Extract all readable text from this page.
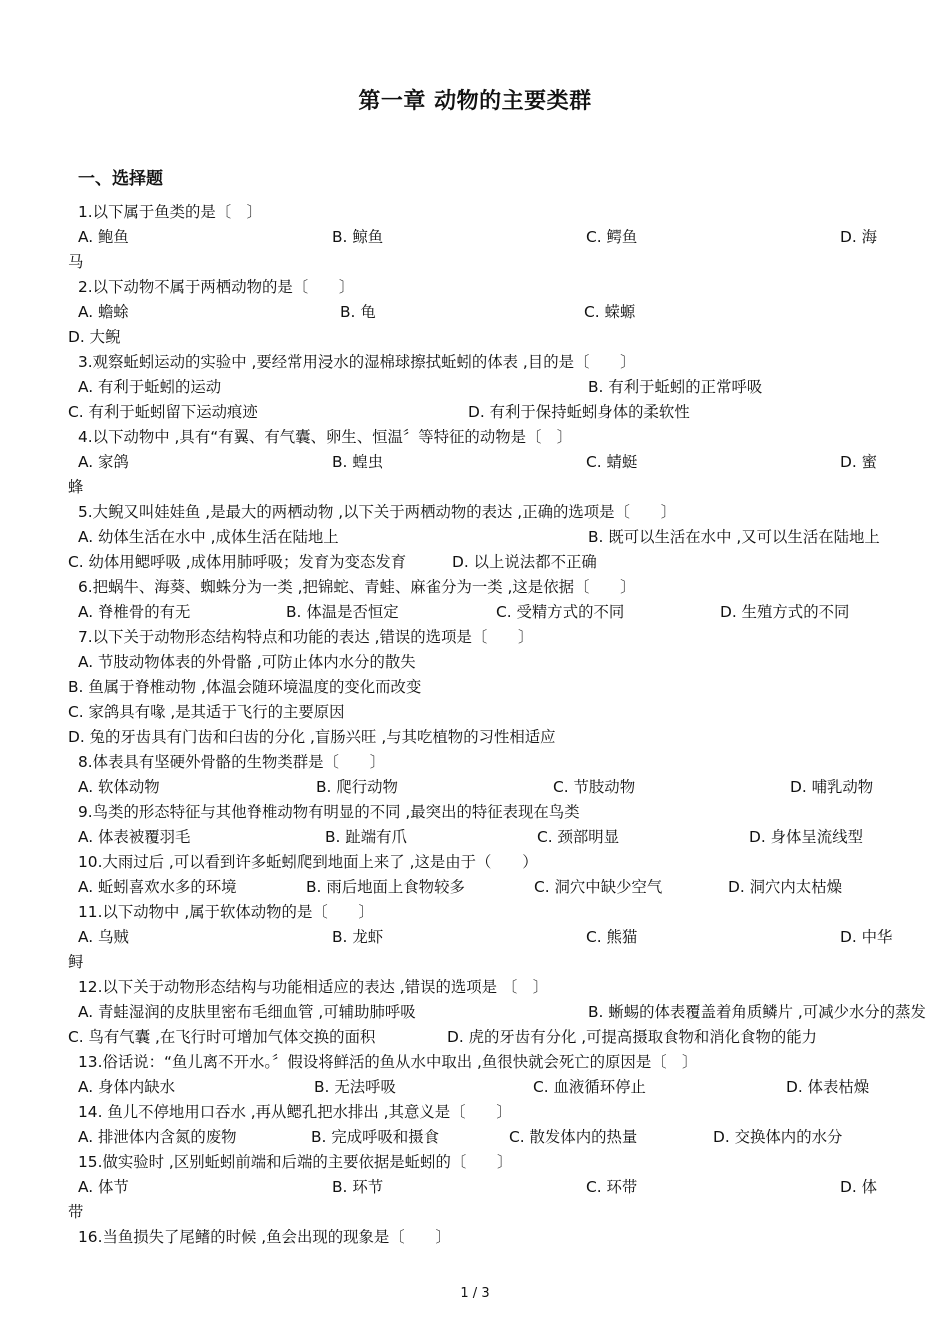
第一章 动物的主要类群
一、选择题
1.以下属于鱼类的是〔　〕
A. 鲍鱼	B. 鲸鱼	C. 鳄鱼	D. 海
马
2.以下动物不属于两栖动物的是〔　　〕
A. 蟾蜍	B. 龟	C. 蝾螈
D. 大鲵
3.观察蚯蚓运动的实验中 ,要经常用浸水的湿棉球擦拭蚯蚓的体表 ,目的是〔　　〕
A. 有利于蚯蚓的运动	B. 有利于蚯蚓的正常呼吸
C. 有利于蚯蚓留下运动痕迹	D. 有利于保持蚯蚓身体的柔软性
4.以下动物中 ,具有“有翼、有气囊、卵生、恒温〞等特征的动物是〔　〕
A. 家鸽	B. 蝗虫	C. 蜻蜓	D. 蜜
蜂
5.大鲵又叫娃娃鱼 ,是最大的两栖动物 ,以下关于两栖动物的表达 ,正确的选项是〔　　〕
A. 幼体生活在水中 ,成体生活在陆地上	B. 既可以生活在水中 ,又可以生活在陆地上
C. 幼体用鳃呼吸 ,成体用肺呼吸；发育为变态发育	D. 以上说法都不正确
6.把蜗牛、海葵、蜘蛛分为一类 ,把锦蛇、青蛙、麻雀分为一类 ,这是依据〔　　〕
A. 脊椎骨的有无	B. 体温是否恒定	C. 受精方式的不同	D. 生殖方式的不同
7.以下关于动物形态结构特点和功能的表达 ,错误的选项是〔　　〕
A. 节肢动物体表的外骨骼 ,可防止体内水分的散失
B. 鱼属于脊椎动物 ,体温会随环境温度的变化而改变
C. 家鸽具有喙 ,是其适于飞行的主要原因
D. 兔的牙齿具有门齿和臼齿的分化 ,盲肠兴旺 ,与其吃植物的习性相适应
8.体表具有坚硬外骨骼的生物类群是〔　　〕
A. 软体动物	B. 爬行动物	C. 节肢动物	D. 哺乳动物
9.鸟类的形态特征与其他脊椎动物有明显的不同 ,最突出的特征表现在鸟类
A. 体表被覆羽毛	B. 趾端有爪	C. 颈部明显	D. 身体呈流线型
10.大雨过后 ,可以看到许多蚯蚓爬到地面上来了 ,这是由于（　　）
A. 蚯蚓喜欢水多的环境	B. 雨后地面上食物较多	C. 洞穴中缺少空气	D. 洞穴内太枯燥
11.以下动物中 ,属于软体动物的是〔　　〕
A. 乌贼	B. 龙虾	C. 熊猫	D. 中华
鲟
12.以下关于动物形态结构与功能相适应的表达 ,错误的选项是 〔　〕
A. 青蛙湿润的皮肤里密布毛细血管 ,可辅助肺呼吸	B. 蜥蜴的体表覆盖着角质鳞片 ,可减少水分的蒸发
C. 鸟有气囊 ,在飞行时可增加气体交换的面积	D. 虎的牙齿有分化 ,可提高摄取食物和消化食物的能力
13.俗话说：“鱼儿离不开水。〞假设将鲜活的鱼从水中取出 ,鱼很快就会死亡的原因是〔　〕
A. 身体内缺水	B. 无法呼吸	C. 血液循环停止	D. 体表枯燥
14. 鱼儿不停地用口吞水 ,再从鳃孔把水排出 ,其意义是〔　　〕
A. 排泄体内含氮的废物	B. 完成呼吸和摄食	C. 散发体内的热量	D. 交换体内的水分
15.做实验时 ,区别蚯蚓前端和后端的主要依据是蚯蚓的〔　　〕
A. 体节	B. 环节	C. 环带	D. 体
带
16.当鱼损失了尾鳍的时候 ,鱼会出现的现象是〔　　〕
1 / 3
